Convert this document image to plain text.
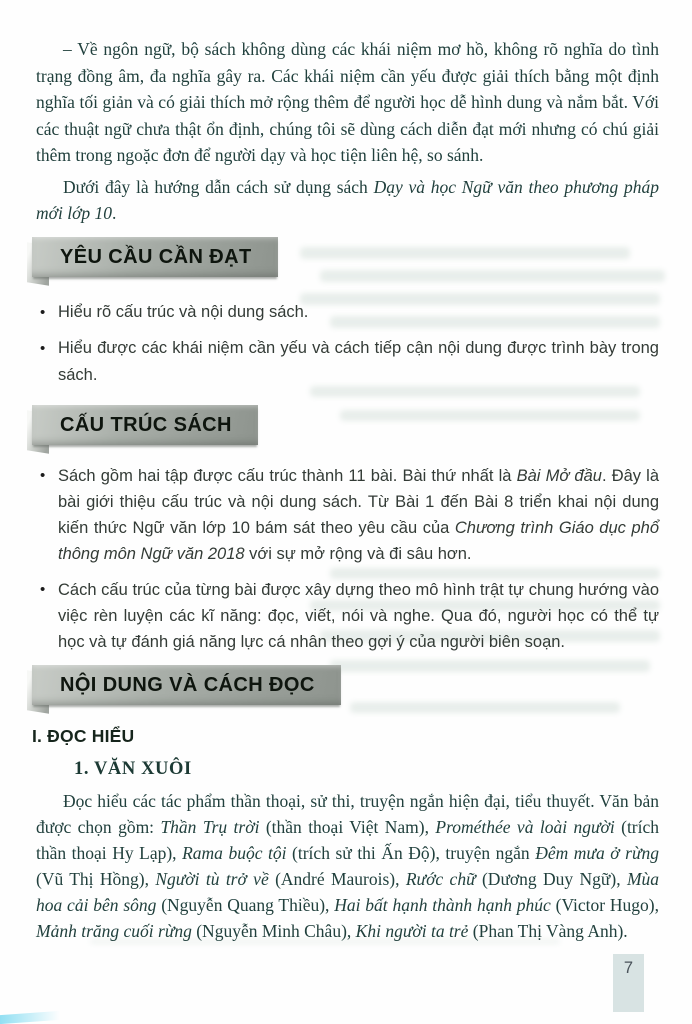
– Về ngôn ngữ, bộ sách không dùng các khái niệm mơ hồ, không rõ nghĩa do tình trạng đồng âm, đa nghĩa gây ra. Các khái niệm cần yếu được giải thích bằng một định nghĩa tối giản và có giải thích mở rộng thêm để người học dễ hình dung và nắm bắt. Với các thuật ngữ chưa thật ổn định, chúng tôi sẽ dùng cách diễn đạt mới nhưng có chú giải thêm trong ngoặc đơn để người dạy và học tiện liên hệ, so sánh.

Dưới đây là hướng dẫn cách sử dụng sách Dạy và học Ngữ văn theo phương pháp mới lớp 10.

YÊU CẦU CẦN ĐẠT
• Hiểu rõ cấu trúc và nội dung sách.
• Hiểu được các khái niệm cần yếu và cách tiếp cận nội dung được trình bày trong sách.
CẤU TRÚC SÁCH
• Sách gồm hai tập được cấu trúc thành 11 bài. Bài thứ nhất là Bài Mở đầu. Đây là bài giới thiệu cấu trúc và nội dung sách. Từ Bài 1 đến Bài 8 triển khai nội dung kiến thức Ngữ văn lớp 10 bám sát theo yêu cầu của Chương trình Giáo dục phổ thông môn Ngữ văn 2018 với sự mở rộng và đi sâu hơn.
• Cách cấu trúc của từng bài được xây dựng theo mô hình trật tự chung hướng vào việc rèn luyện các kĩ năng: đọc, viết, nói và nghe. Qua đó, người học có thể tự học và tự đánh giá năng lực cá nhân theo gợi ý của người biên soạn.
NỘI DUNG VÀ CÁCH ĐỌC
I. ĐỌC HIỂU
1. VĂN XUÔI

Đọc hiểu các tác phẩm thần thoại, sử thi, truyện ngắn hiện đại, tiểu thuyết. Văn bản được chọn gồm: Thần Trụ trời (thần thoại Việt Nam), Prométhée và loài người (trích thần thoại Hy Lạp), Rama buộc tội (trích sử thi Ấn Độ), truyện ngắn Đêm mưa ở rừng (Vũ Thị Hồng), Người tù trở về (André Maurois), Rước chữ (Dương Duy Ngữ), Mùa hoa cải bên sông (Nguyễn Quang Thiều), Hai bất hạnh thành hạnh phúc (Victor Hugo), Mảnh trăng cuối rừng (Nguyễn Minh Châu), Khi người ta trẻ (Phan Thị Vàng Anh).

7
